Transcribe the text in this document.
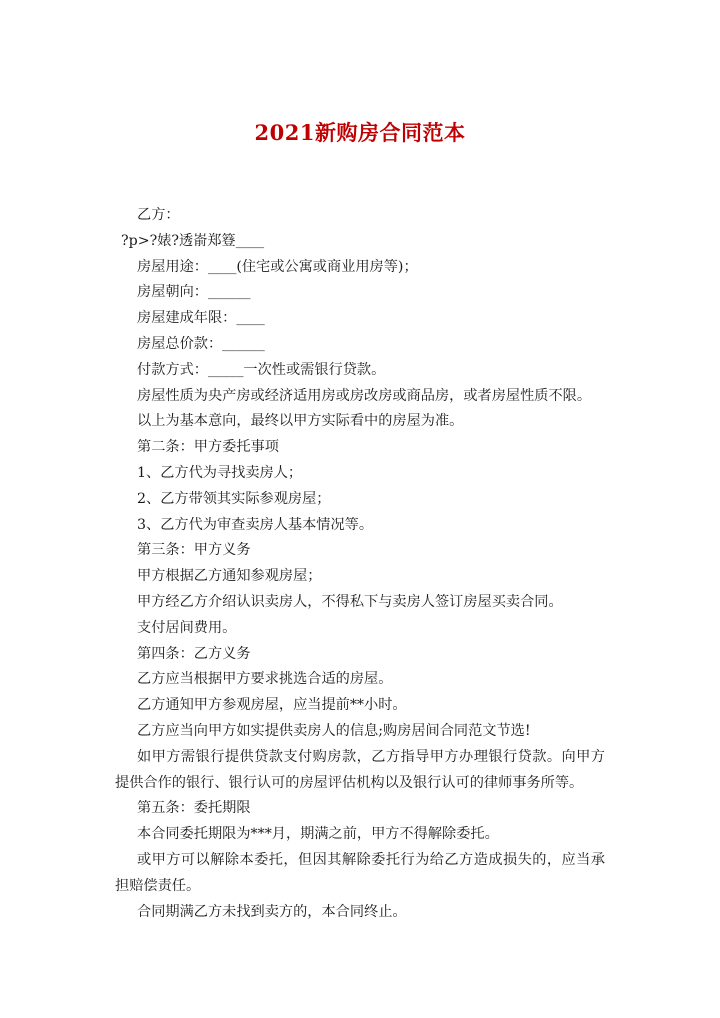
2021新购房合同范本

乙方：

?p>?婊?透嵛郑簦____

房屋用途：____(住宅或公寓或商业用房等)；

房屋朝向：______

房屋建成年限：____

房屋总价款：______

付款方式：_____一次性或需银行贷款。

房屋性质为央产房或经济适用房或房改房或商品房，或者房屋性质不限。

以上为基本意向，最终以甲方实际看中的房屋为准。

第二条：甲方委托事项

1、乙方代为寻找卖房人；

2、乙方带领其实际参观房屋；

3、乙方代为审查卖房人基本情况等。

第三条：甲方义务

甲方根据乙方通知参观房屋；

甲方经乙方介绍认识卖房人，不得私下与卖房人签订房屋买卖合同。

支付居间费用。

第四条：乙方义务

乙方应当根据甲方要求挑选合适的房屋。

乙方通知甲方参观房屋，应当提前**小时。

乙方应当向甲方如实提供卖房人的信息;购房居间合同范文节选!

如甲方需银行提供贷款支付购房款，乙方指导甲方办理银行贷款。向甲方提供合作的银行、银行认可的房屋评估机构以及银行认可的律师事务所等。

第五条：委托期限

本合同委托期限为***月，期满之前，甲方不得解除委托。

或甲方可以解除本委托，但因其解除委托行为给乙方造成损失的，应当承担赔偿责任。

合同期满乙方未找到卖方的，本合同终止。
